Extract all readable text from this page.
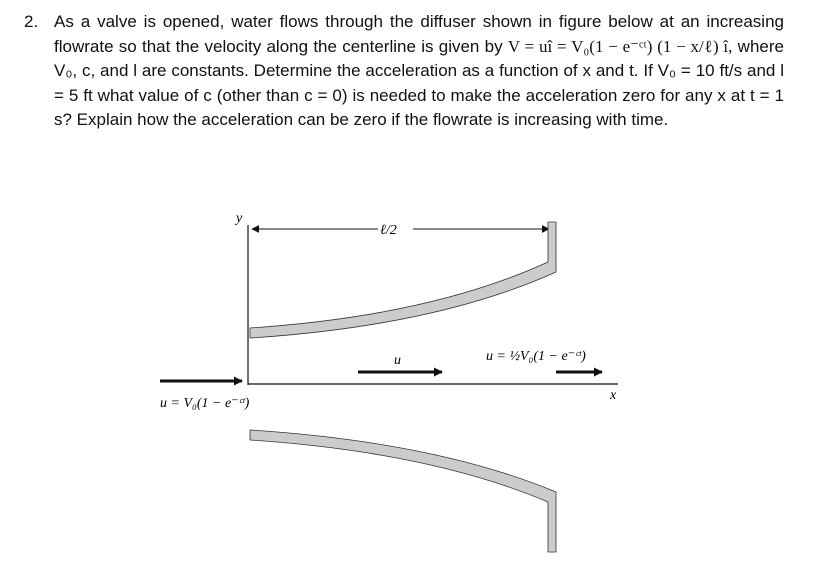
2. As a valve is opened, water flows through the diffuser shown in figure below at an increasing flowrate so that the velocity along the centerline is given by V = uî = V₀(1 − e⁻ᶜᵗ) (1 − x/ℓ) î, where V₀, c, and l are constants. Determine the acceleration as a function of x and t. If V₀ = 10 ft/s and l = 5 ft what value of c (other than c = 0) is needed to make the acceleration zero for any x at t = 1 s? Explain how the acceleration can be zero if the flowrate is increasing with time.
y
x
ℓ/2
u = V₀(1 − e⁻ᶜᵗ)
u	u = ½V₀(1 − e⁻ᶜᵗ)
